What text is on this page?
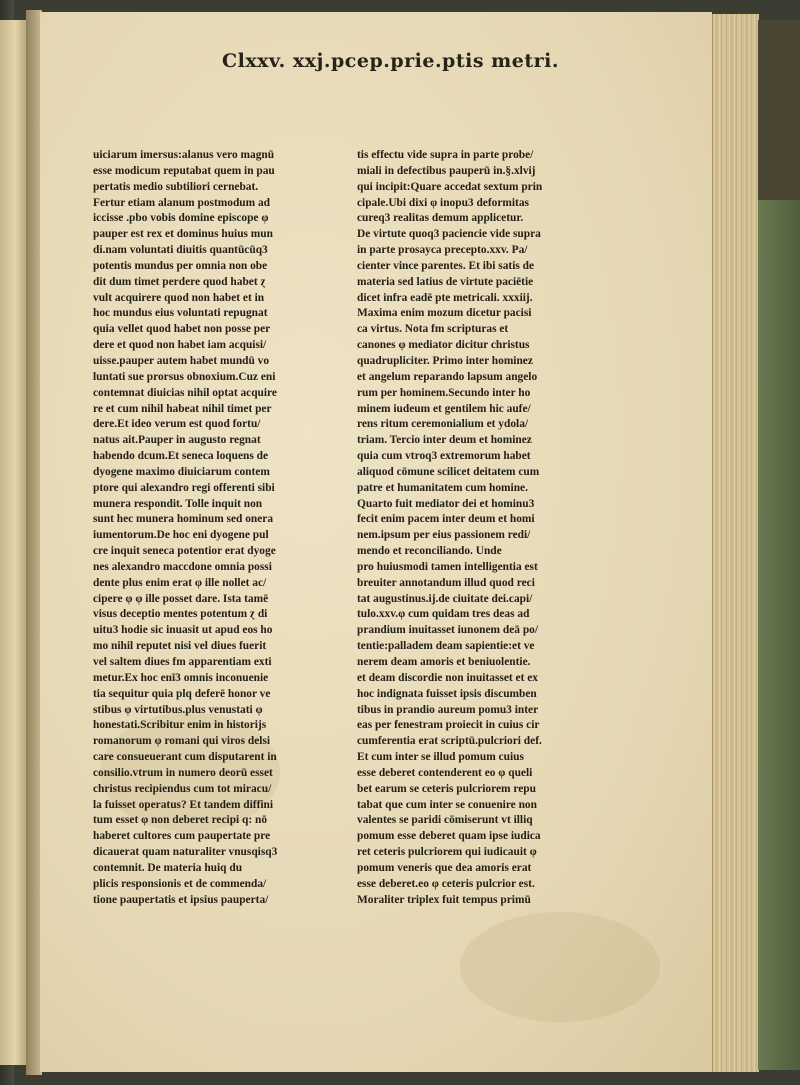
Clxxv. xxj.pcep.prie.ptis metri.
uiciarum imersus:alanus vero magnū
esse modicum reputabat quem in pau
pertatis medio subtiliori cernebat.
Fertur etiam alanum postmodum ad
iccisse .pbo vobis domine episcope φ
pauper est rex et dominus huius mun
di.nam voluntati diuitis quantūcūq3
potentis mundus per omnia non obe
dit dum timet perdere quod habet ɀ
vult acquirere quod non habet et in
hoc mundus eius voluntati repugnat
quia vellet quod habet non posse per
dere et quod non habet iam acquisi/
uisse.pauper autem habet mundū vo
luntati sue prorsus obnoxium.Cuz eni
contemnat diuicias nihil optat acquire
re et cum nihil habeat nihil timet per
dere.Et ideo verum est quod fortu/
natus ait.Pauper in augusto regnat
habendo dcum.Et seneca loquens de
dyogene maximo diuiciarum contem
ptore qui alexandro regi offerenti sibi
munera respondit. Tolle inquit non
sunt hec munera hominum sed onera
iumentorum.De hoc eni dyogene pul
cre inquit seneca potentior erat dyoge
nes alexandro maccdone omnia possi
dente plus enim erat φ ille nollet ac/
cipere φ φ ille posset dare. Ista tamē
visus deceptio mentes potentum ɀ di
uitu3 hodie sic inuasit ut apud eos ho
mo nihil reputet nisi vel diues fuerit
vel saltem diues fm apparentiam exti
metur.Ex hoc enī3 omnis inconuenie
tia sequitur quia plq deferē honor ve
stibus φ virtutibus.plus venustati φ
honestati.Scribitur enim in historijs
romanorum φ romani qui viros delsi
care consueuerant cum disputarent in
consilio.vtrum in numero deorū esset
christus recipiendus cum tot miracu/
la fuisset operatus? Et tandem diffini
tum esset φ non deberet recipi q: nō
haberet cultores cum paupertate pre
dicauerat quam naturaliter vnusqisq3
contemnit. De materia huiq du
plicis responsionis et de commenda/
tione paupertatis et ipsius pauperta/
tis effectu vide supra in parte probe/
miali in defectibus pauperū in.§.xlvij
qui incipit:Quare accedat sextum prin
cipale.Ubi dixi φ inopu3 deformitas
cureq3 realitas demum applicetur.
De virtute quoq3 paciencie vide supra
in parte prosayca precepto.xxv. Pa/
cienter vince parentes. Et ibi satis de
materia sed latius de virtute paciētie
dicet infra eadē pte metricali. xxxiij.
Maxima enim mozum dicetur pacisi
ca virtus. Nota fm scripturas et
canones φ mediator dicitur christus
quadrupliciter. Primo inter hominez
et angelum reparando lapsum angelo
rum per hominem.Secundo inter ho
minem iudeum et gentilem hic aufe/
rens ritum ceremonialium et ydola/
triam. Tercio inter deum et hominez
quia cum vtroq3 extremorum habet
aliquod cōmune scilicet deitatem cum
patre et humanitatem cum homine.
Quarto fuit mediator dei et hominu3
fecit enim pacem inter deum et homi
nem.ipsum per eius passionem redi/
mendo et reconciliando. Unde
pro huiusmodi tamen intelligentia est
breuiter annotandum illud quod reci
tat augustinus.ij.de ciuitate dei.capi/
tulo.xxv.φ cum quidam tres deas ad
prandium inuitasset iunonem deā po/
tentie:palladem deam sapientie:et ve
nerem deam amoris et beniuolentie.
et deam discordie non inuitasset et ex
hoc indignata fuisset ipsis discumben
tibus in prandio aureum pomu3 inter
eas per fenestram proiecit in cuius cir
cumferentia erat scriptū.pulcriori def.
Et cum inter se illud pomum cuius
esse deberet contenderent eo φ queli
bet earum se ceteris pulcriorem repu
tabat que cum inter se conuenire non
valentes se paridi cōmiserunt vt illiq
pomum esse deberet quam ipse iudica
ret ceteris pulcriorem qui iudicauit φ
pomum veneris que dea amoris erat
esse deberet.eo φ ceteris pulcrior est.
Moraliter triplex fuit tempus primū
